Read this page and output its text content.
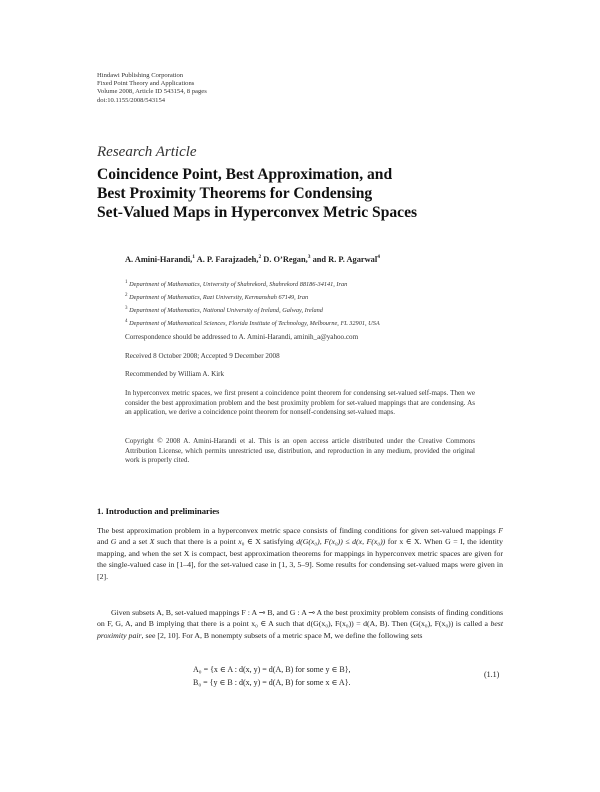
Hindawi Publishing Corporation
Fixed Point Theory and Applications
Volume 2008, Article ID 543154, 8 pages
doi:10.1155/2008/543154
Research Article
Coincidence Point, Best Approximation, and
Best Proximity Theorems for Condensing
Set-Valued Maps in Hyperconvex Metric Spaces
A. Amini-Harandi,$^1$ A. P. Farajzadeh,$^2$ D. O’Regan,$^3$ and R. P. Agarwal$^4$
$^1$ Department of Mathematics, University of Shahrekord, Shahrekord 88186-34141, Iran
$^2$ Department of Mathematics, Razi University, Kermanshah 67149, Iran
$^3$ Department of Mathematics, National University of Ireland, Galway, Ireland
$^4$ Department of Mathematical Sciences, Florida Institute of Technology, Melbourne, FL 32901, USA
Correspondence should be addressed to A. Amini-Harandi, aminih_a@yahoo.com
Received 8 October 2008; Accepted 9 December 2008
Recommended by William A. Kirk
In hyperconvex metric spaces, we first present a coincidence point theorem for condensing set-valued self-maps. Then we consider the best approximation problem and the best proximity problem for set-valued mappings that are condensing. As an application, we derive a coincidence point theorem for nonself-condensing set-valued maps.
Copyright © 2008 A. Amini-Harandi et al. This is an open access article distributed under the Creative Commons Attribution License, which permits unrestricted use, distribution, and reproduction in any medium, provided the original work is properly cited.
1. Introduction and preliminaries

The best approximation problem in a hyperconvex metric space consists of finding conditions for given set-valued mappings F and G and a set X such that there is a point x₀ ∈ X satisfying d(G(x₀), F(x₀)) ≤ d(x, F(x₀)) for x ∈ X. When G = I, the identity mapping, and when the set X is compact, best approximation theorems for mappings in hyperconvex metric spaces are given for the single-valued case in [1–4], for the set-valued case in [1, 3, 5–9]. Some results for condensing set-valued maps were given in [2].

Given subsets A, B, set-valued mappings F : A ⊸ B, and G : A ⊸ A the best proximity problem consists of finding conditions on F, G, A, and B implying that there is a point x₀ ∈ A such that d(G(x₀), F(x₀)) = d(A, B). Then (G(x₀), F(x₀)) is called a best proximity pair, see [2, 10]. For A, B nonempty subsets of a metric space M, we define the following sets

A₀ = {x ∈ A : d(x, y) = d(A, B) for some y ∈ B},
B₀ = {y ∈ B : d(x, y) = d(A, B) for some x ∈ A}.
(1.1)
